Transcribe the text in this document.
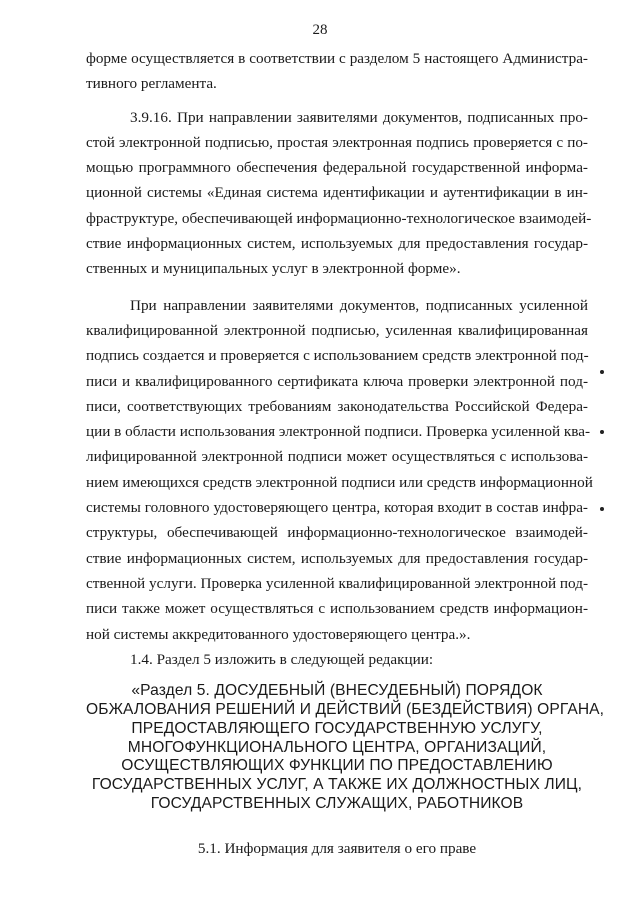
28

форме осуществляется в соответствии с разделом 5 настоящего Администра-
тивного регламента.

3.9.16. При направлении заявителями документов, подписанных про-
стой электронной подписью, простая электронная подпись проверяется с по-
мощью программного обеспечения федеральной государственной информа-
ционной системы «Единая система идентификации и аутентификации в ин-
фраструктуре, обеспечивающей информационно-технологическое взаимодей-
ствие информационных систем, используемых для предоставления государ-
ственных и муниципальных услуг в электронной форме».

При направлении заявителями документов, подписанных усиленной
квалифицированной электронной подписью, усиленная квалифицированная
подпись создается и проверяется с использованием средств электронной под-
писи и квалифицированного сертификата ключа проверки электронной под-
писи, соответствующих требованиям законодательства Российской Федера-
ции в области использования электронной подписи. Проверка усиленной ква-
лифицированной электронной подписи может осуществляться с использова-
нием имеющихся средств электронной подписи или средств информационной
системы головного удостоверяющего центра, которая входит в состав инфра-
структуры, обеспечивающей информационно-технологическое взаимодей-
ствие информационных систем, используемых для предоставления государ-
ственной услуги. Проверка усиленной квалифицированной электронной под-
писи также может осуществляться с использованием средств информацион-
ной системы аккредитованного удостоверяющего центра.».

1.4. Раздел 5 изложить в следующей редакции:

«Раздел 5. ДОСУДЕБНЫЙ (ВНЕСУДЕБНЫЙ) ПОРЯДОК
ОБЖАЛОВАНИЯ РЕШЕНИЙ И ДЕЙСТВИЙ (БЕЗДЕЙСТВИЯ) ОРГАНА,
ПРЕДОСТАВЛЯЮЩЕГО ГОСУДАРСТВЕННУЮ УСЛУГУ,
МНОГОФУНКЦИОНАЛЬНОГО ЦЕНТРА, ОРГАНИЗАЦИЙ,
ОСУЩЕСТВЛЯЮЩИХ ФУНКЦИИ ПО ПРЕДОСТАВЛЕНИЮ
ГОСУДАРСТВЕННЫХ УСЛУГ, А ТАКЖЕ ИХ ДОЛЖНОСТНЫХ ЛИЦ,
ГОСУДАРСТВЕННЫХ СЛУЖАЩИХ, РАБОТНИКОВ
5.1. Информация для заявителя о его праве
